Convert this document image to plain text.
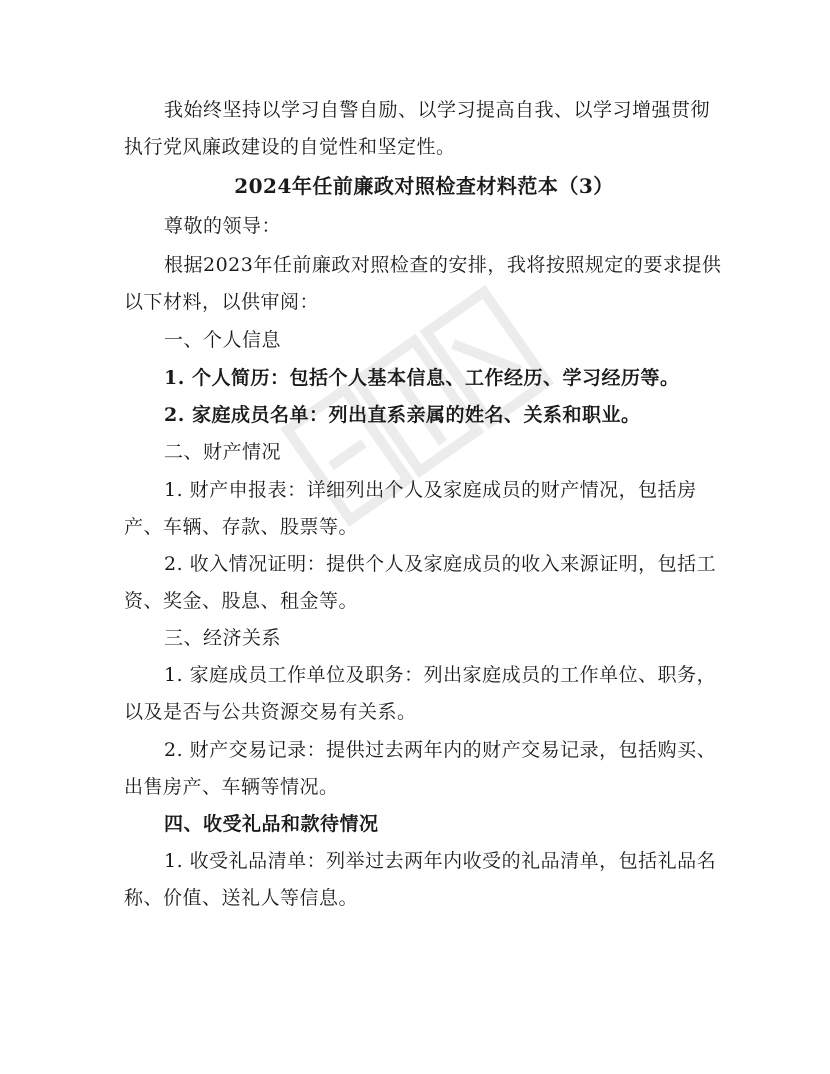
我始终坚持以学习自警自励、以学习提高自我、以学习增强贯彻执行党风廉政建设的自觉性和坚定性。

2024年任前廉政对照检查材料范本（3）

尊敬的领导：

根据2023年任前廉政对照检查的安排，我将按照规定的要求提供以下材料，以供审阅：

一、个人信息

1. 个人简历：包括个人基本信息、工作经历、学习经历等。

2. 家庭成员名单：列出直系亲属的姓名、关系和职业。

二、财产情况

1. 财产申报表：详细列出个人及家庭成员的财产情况，包括房产、车辆、存款、股票等。

2. 收入情况证明：提供个人及家庭成员的收入来源证明，包括工资、奖金、股息、租金等。

三、经济关系

1. 家庭成员工作单位及职务：列出家庭成员的工作单位、职务，以及是否与公共资源交易有关系。

2. 财产交易记录：提供过去两年内的财产交易记录，包括购买、出售房产、车辆等情况。

四、收受礼品和款待情况

1. 收受礼品清单：列举过去两年内收受的礼品清单，包括礼品名称、价值、送礼人等信息。
